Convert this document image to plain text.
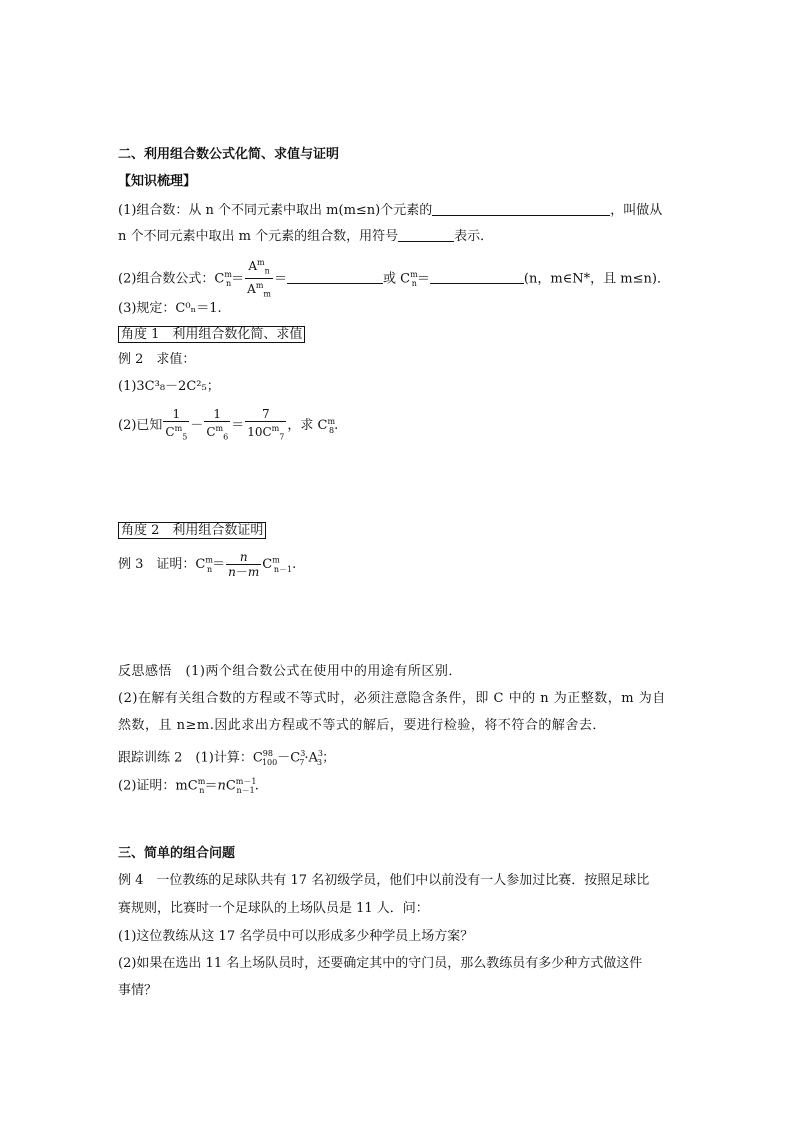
二、利用组合数公式化简、求值与证明
【知识梳理】
(1)组合数：从 n 个不同元素中取出 m(m≤n)个元素的	，叫做从
n 个不同元素中取出 m 个元素的组合数，用符号	表示．
(2)组合数公式：$C^m_n= \frac{A^m_n}{A^m_m}$ ＝	或 $C^m_n=$	(n，m∈N*，且 m≤n)．
(3)规定：C⁰ₙ＝1.
角度 1　利用组合数化简、求值
例 2　求值：
(1)3C³₈－2C²₅；
(2)已知 $\frac{1}{C^m_5} - \frac{1}{C^m_6} = \frac{7}{10C^m_7}$ ，求 $C^m_8$.
角度 2　利用组合数证明
例 3　证明：$C^m_n= \frac{n}{n-m} C^m_{n-1}$.
反思感悟　(1)两个组合数公式在使用中的用途有所区别．
(2)在解有关组合数的方程或不等式时，必须注意隐含条件，即 C 中的 n 为正整数，m 为自
然数，且 n≥m.因此求出方程或不等式的解后，要进行检验，将不符合的解舍去．
跟踪训练 2　(1)计算：$C^{98}_{100}-C^3_7\cdot A^3_3$；
(2)证明：$mC^m_n=nC^{m-1}_{n-1}$.
三、简单的组合问题
例 4　一位教练的足球队共有 17 名初级学员，他们中以前没有一人参加过比赛．按照足球比
赛规则，比赛时一个足球队的上场队员是 11 人．问：
(1)这位教练从这 17 名学员中可以形成多少种学员上场方案？
(2)如果在选出 11 名上场队员时，还要确定其中的守门员，那么教练员有多少种方式做这件
事情？
